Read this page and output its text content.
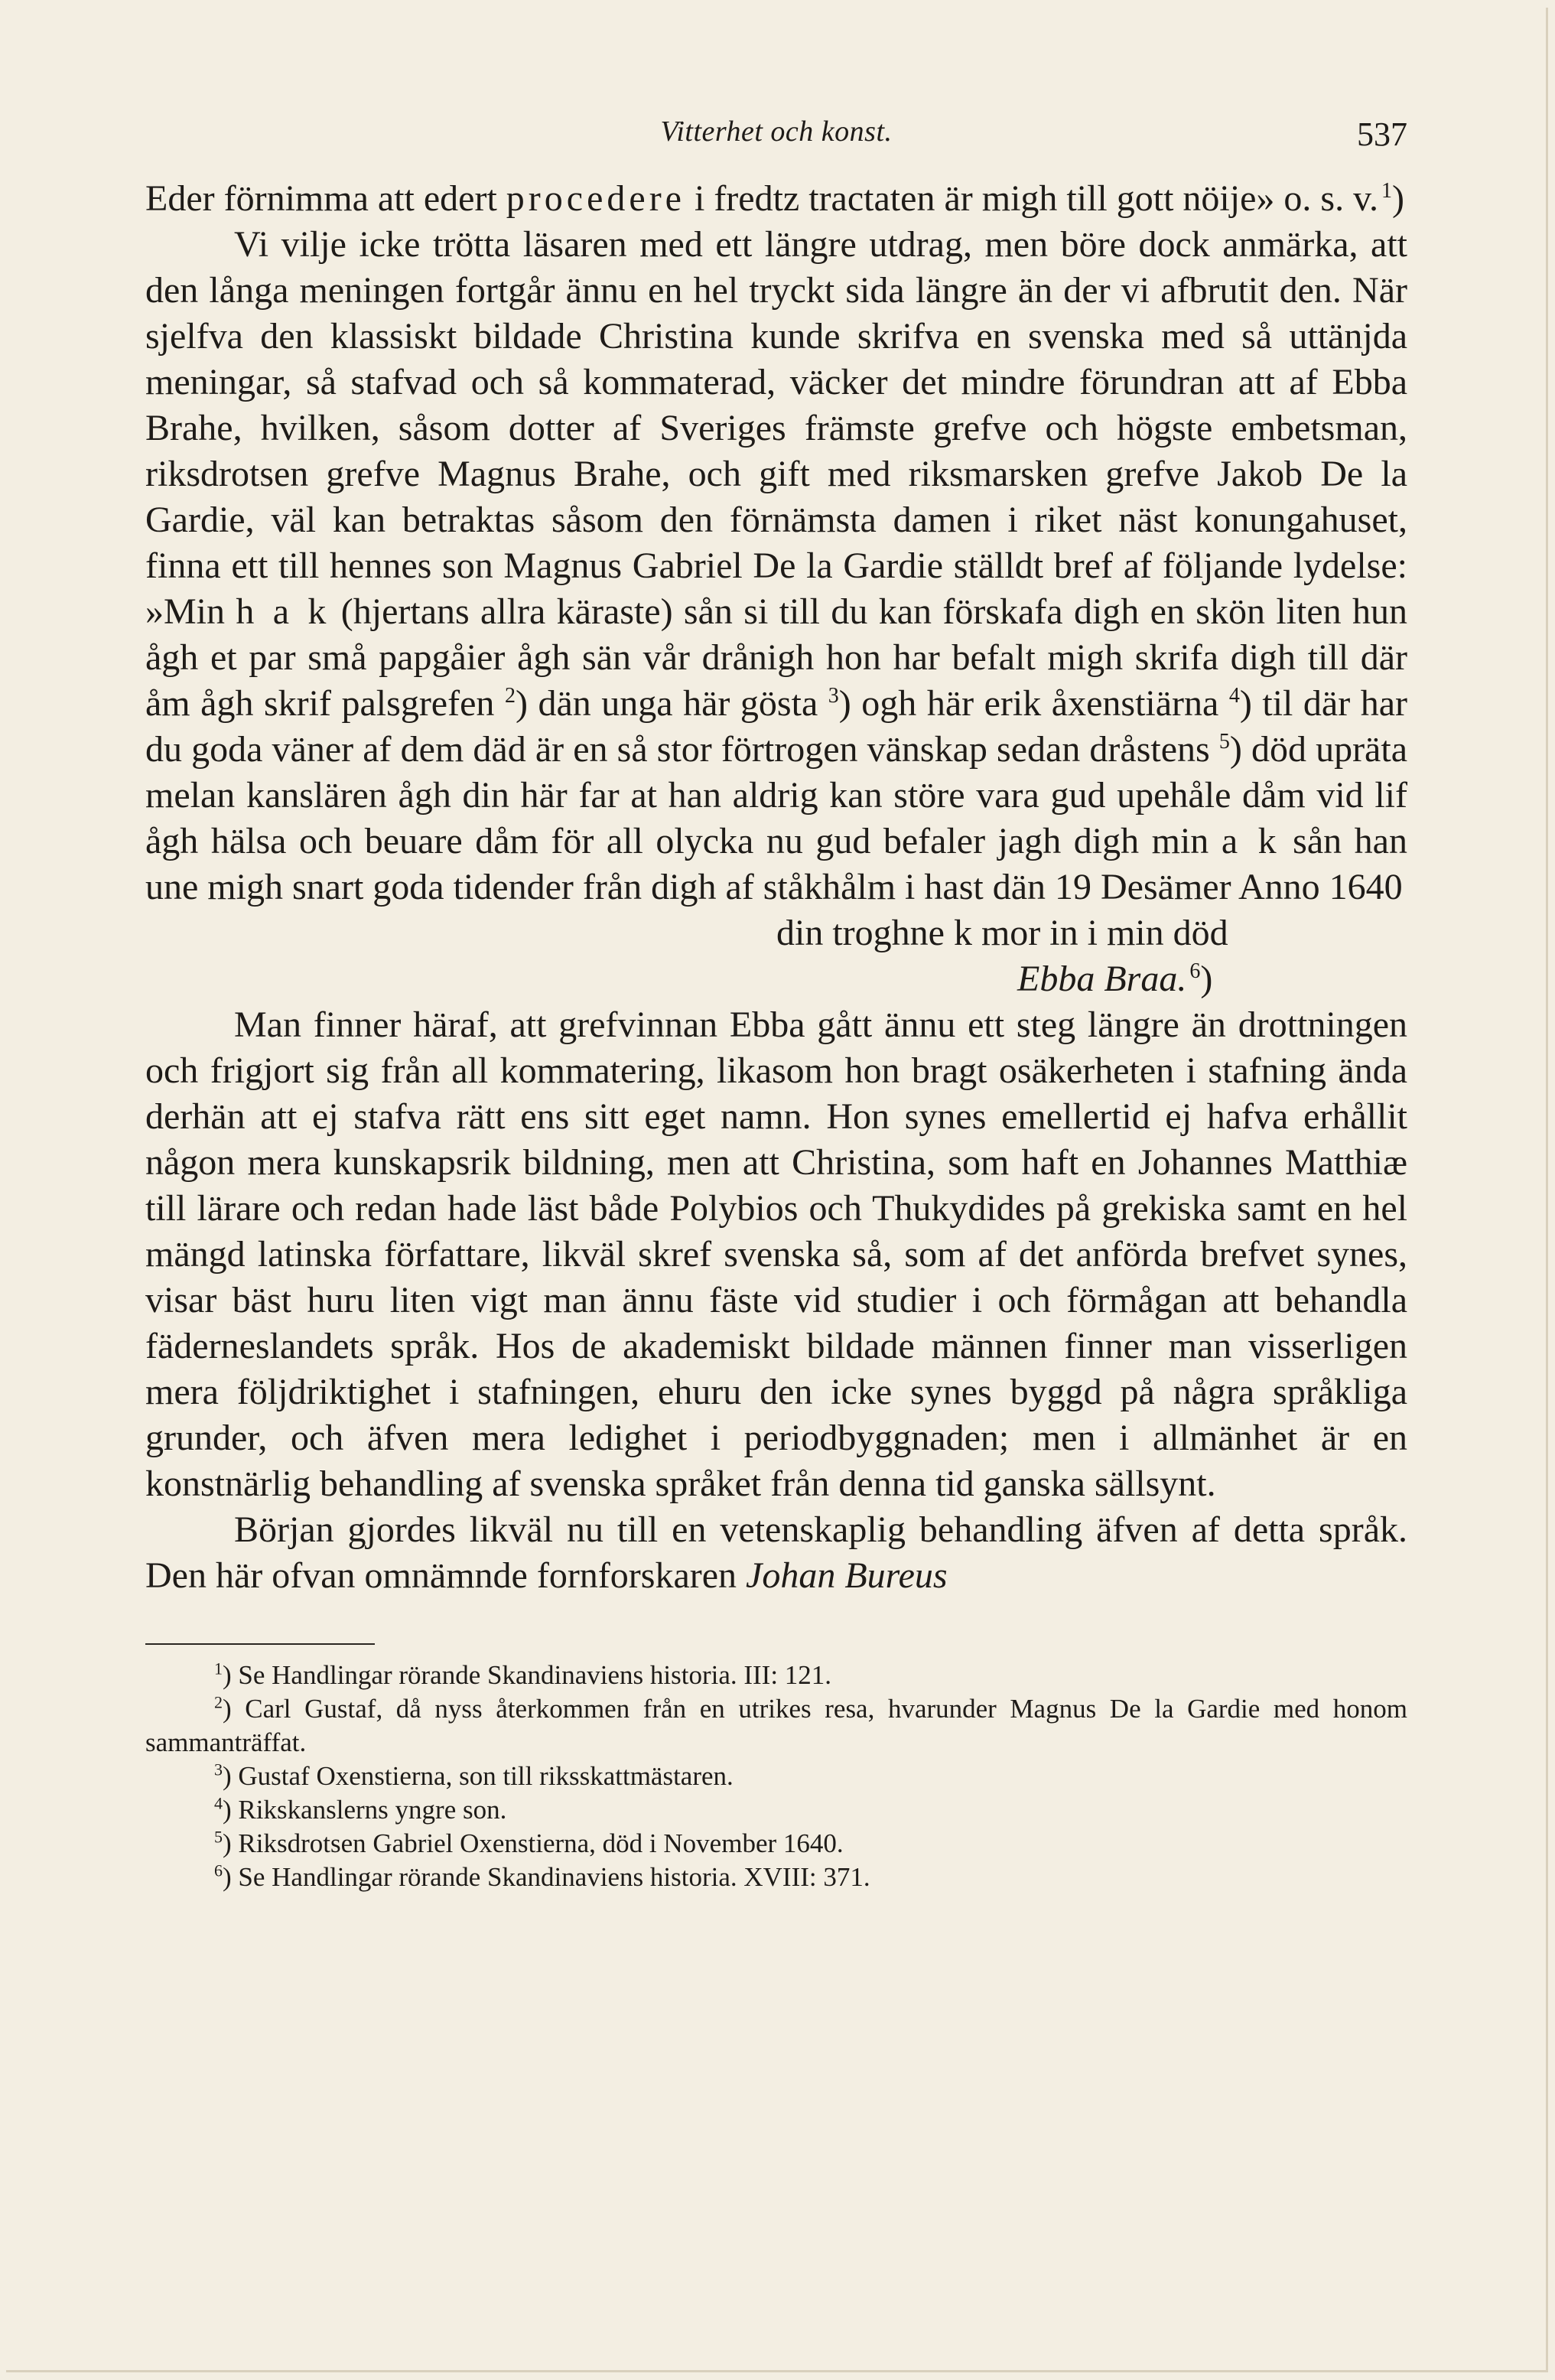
Vitterhet och konst.	537

Eder förnimma att edert procedere i fredtz tractaten är migh till gott nöije» o. s. v.  $^1$)

Vi vilje icke trötta läsaren med ett längre utdrag, men böre dock anmärka, att den långa meningen fortgår ännu en hel tryckt sida längre än der vi afbrutit den. När sjelfva den klassiskt bildade Christina kunde skrifva en svenska med så uttänjda meningar, så stafvad och så kommaterad, väcker det mindre förundran att af Ebba Brahe, hvilken, såsom dotter af Sveriges främste grefve och högste embetsman, riksdrotsen grefve Magnus Brahe, och gift med riksmarsken grefve Jakob De la Gardie, väl kan betraktas såsom den förnämsta damen i riket näst konungahuset, finna ett till hennes son Magnus Gabriel De la Gardie ställdt bref af följande lydelse: »Min h a k (hjertans allra käraste) sån si till du kan förskafa digh en skön liten hun ågh et par små papgåier ågh sän vår drånigh hon har befalt migh skrifa digh till där åm ågh skrif palsgrefen $^2$) dän unga här gösta $^3$) ogh här erik åxenstiärna $^4$) til där har du goda väner af dem däd är en så stor förtrogen vänskap sedan dråstens $^5$) död upräta melan kanslären ågh din här far at han aldrig kan störe vara gud upehåle dåm vid lif ågh hälsa och beuare dåm för all olycka nu gud befaler jagh digh min a k sån han une migh snart goda tidender från digh af ståkhålm i hast dän 19 Desämer Anno 1640

din troghne k mor in i min död
Ebba Braa.  $^6$)

Man finner häraf, att grefvinnan Ebba gått ännu ett steg längre än drottningen och frigjort sig från all kommatering, likasom hon bragt osäkerheten i stafning ända derhän att ej stafva rätt ens sitt eget namn. Hon synes emellertid ej hafva erhållit någon mera kunskapsrik bildning, men att Christina, som haft en Johannes Matthiæ till lärare och redan hade läst både Polybios och Thukydides på grekiska samt en hel mängd latinska författare, likväl skref svenska så, som af det anförda brefvet synes, visar bäst huru liten vigt man ännu fäste vid studier i och förmågan att behandla fäderneslandets språk. Hos de akademiskt bildade männen finner man visserligen mera följdriktighet i stafningen, ehuru den icke synes byggd på några språkliga grunder, och äfven mera ledighet i periodbyggnaden; men i allmänhet är en konstnärlig behandling af svenska språket från denna tid ganska sällsynt.

Början gjordes likväl nu till en vetenskaplig behandling äfven af detta språk. Den här ofvan omnämnde fornforskaren Johan Bureus

$^1$) Se Handlingar rörande Skandinaviens historia. III: 121.

$^2$) Carl Gustaf, då nyss återkommen från en utrikes resa, hvarunder Magnus De la Gardie med honom sammanträffat.

$^3$) Gustaf Oxenstierna, son till riksskattmästaren.

$^4$) Rikskanslerns yngre son.

$^5$) Riksdrotsen Gabriel Oxenstierna, död i November 1640.

$^6$) Se Handlingar rörande Skandinaviens historia. XVIII: 371.
